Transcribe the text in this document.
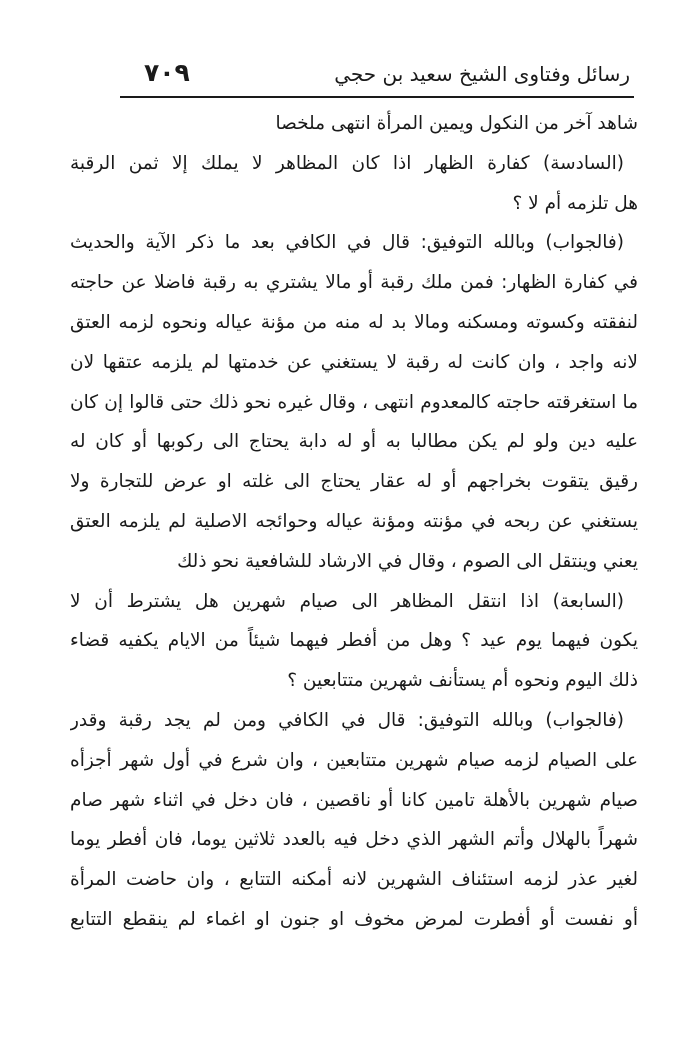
٧٠٩	رسائل وفتاوى الشيخ سعيد بن حجي
شاهد آخر من النكول ويمين المرأة انتهى ملخصا
(السادسة) كفارة الظهار اذا كان المظاهر لا يملك إلا ثمن الرقبة
هل تلزمه أم لا ؟
(فالجواب) وبالله التوفيق: قال في الكافي بعد ما ذكر الآية والحديث
في كفارة الظهار: فمن ملك رقبة أو مالا يشتري به رقبة فاضلا عن حاجته
لنفقته وكسوته ومسكنه ومالا بد له منه من مؤنة عياله ونحوه لزمه العتق
لانه واجد ، وان كانت له رقبة لا يستغني عن خدمتها لم يلزمه عتقها لان
ما استغرقته حاجته كالمعدوم انتهى ، وقال غيره نحو ذلك حتى قالوا إن كان
عليه دين ولو لم يكن مطالبا به أو له دابة يحتاج الى ركوبها أو كان له
رقيق يتقوت بخراجهم أو له عقار يحتاج الى غلته او عرض للتجارة ولا
يستغني عن ربحه في مؤنته ومؤنة عياله وحوائجه الاصلية لم يلزمه العتق
يعني وينتقل الى الصوم ، وقال في الارشاد للشافعية نحو ذلك
(السابعة) اذا انتقل المظاهر الى صيام شهرين هل يشترط أن لا
يكون فيهما يوم عيد ؟ وهل من أفطر فيهما شيئاً من الايام يكفيه قضاء
ذلك اليوم ونحوه أم يستأنف شهرين متتابعين ؟
(فالجواب) وبالله التوفيق: قال في الكافي ومن لم يجد رقبة وقدر
على الصيام لزمه صيام شهرين متتابعين ، وان شرع في أول شهر أجزأه
صيام شهرين بالأهلة تامين كانا أو ناقصين ، فان دخل في اثناء شهر صام
شهراً بالهلال وأتم الشهر الذي دخل فيه بالعدد ثلاثين يوما، فان أفطر يوما
لغير عذر لزمه استئناف الشهرين لانه أمكنه التتابع ، وان حاضت المرأة
أو نفست أو أفطرت لمرض مخوف او جنون او اغماء لم ينقطع التتابع
